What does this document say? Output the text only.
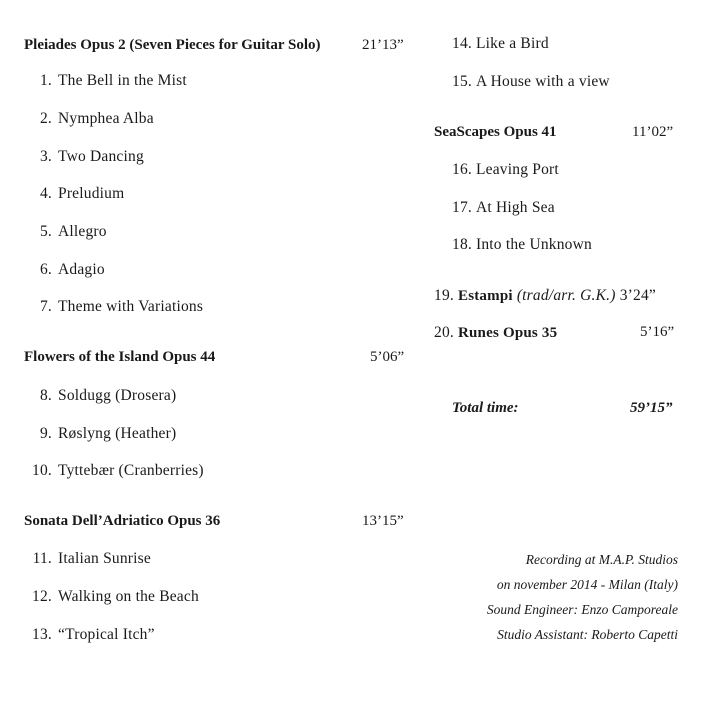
Pleiades Opus 2 (Seven Pieces for Guitar Solo)	21’13”
1. The Bell in the Mist
2. Nymphea Alba
3. Two Dancing
4. Preludium
5. Allegro
6. Adagio
7. Theme with Variations
Flowers of the Island Opus 44	5’06”
8. Soldugg (Drosera)
9. Røslyng (Heather)
10. Tyttebær (Cranberries)
Sonata Dell’Adriatico Opus 36	13’15”
11. Italian Sunrise
12. Walking on the Beach
13. “Tropical Itch”
14. Like a Bird
15. A House with a view
SeaScapes Opus 41	11’02”
16. Leaving Port
17. At High Sea
18. Into the Unknown
19. Estampi (trad/arr. G.K.) 3’24”
20. Runes Opus 35	5’16”
Total time:	59’15”
Recording at M.A.P. Studios
on november 2014 - Milan (Italy)
Sound Engineer: Enzo Camporeale
Studio Assistant: Roberto Capetti
